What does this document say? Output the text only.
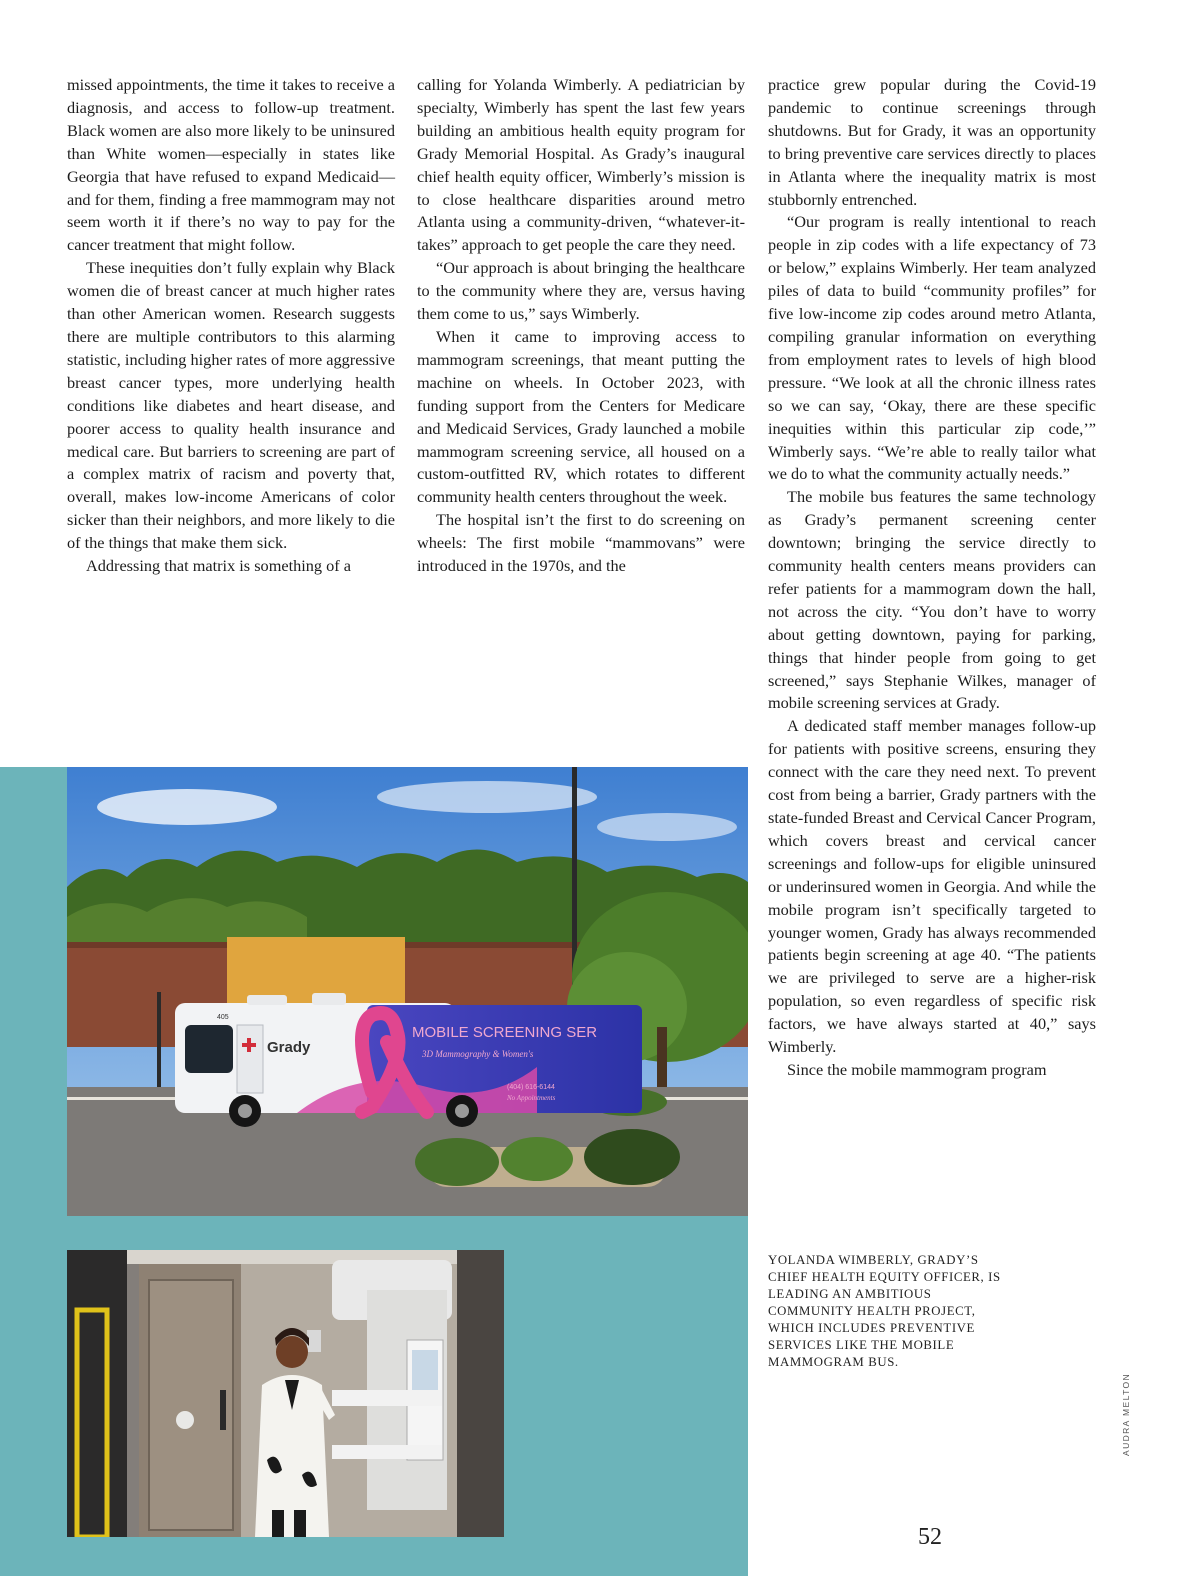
missed appointments, the time it takes to receive a diagnosis, and access to follow-up treatment. Black women are also more likely to be uninsured than White women—especially in states like Georgia that have refused to expand Medicaid—and for them, finding a free mammogram may not seem worth it if there’s no way to pay for the cancer treatment that might follow.

These inequities don’t fully explain why Black women die of breast cancer at much higher rates than other American women. Research suggests there are multiple contributors to this alarming statistic, including higher rates of more aggressive breast cancer types, more underlying health conditions like diabetes and heart disease, and poorer access to quality health insurance and medical care. But barriers to screening are part of a complex matrix of racism and poverty that, overall, makes low-income Americans of color sicker than their neighbors, and more likely to die of the things that make them sick.

Addressing that matrix is something of a

calling for Yolanda Wimberly. A pediatrician by specialty, Wimberly has spent the last few years building an ambitious health equity program for Grady Memorial Hospital. As Grady’s inaugural chief health equity officer, Wimberly’s mission is to close healthcare disparities around metro Atlanta using a community-driven, “whatever-it-takes” approach to get people the care they need.

“Our approach is about bringing the healthcare to the community where they are, versus having them come to us,” says Wimberly.

When it came to improving access to mammogram screenings, that meant putting the machine on wheels. In October 2023, with funding support from the Centers for Medicare and Medicaid Services, Grady launched a mobile mammogram screening service, all housed on a custom-outfitted RV, which rotates to different community health centers throughout the week.

The hospital isn’t the first to do screening on wheels: The first mobile “mammovans” were introduced in the 1970s, and the

practice grew popular during the Covid-19 pandemic to continue screenings through shutdowns. But for Grady, it was an opportunity to bring preventive care services directly to places in Atlanta where the inequality matrix is most stubbornly entrenched.

“Our program is really intentional to reach people in zip codes with a life expectancy of 73 or below,” explains Wimberly. Her team analyzed piles of data to build “community profiles” for five low-income zip codes around metro Atlanta, compiling granular information on everything from employment rates to levels of high blood pressure. “We look at all the chronic illness rates so we can say, ‘Okay, there are these specific inequities within this particular zip code,’” Wimberly says. “We’re able to really tailor what we do to what the community actually needs.”

The mobile bus features the same technology as Grady’s permanent screening center downtown; bringing the service directly to community health centers means providers can refer patients for a mammogram down the hall, not across the city. “You don’t have to worry about getting downtown, paying for parking, things that hinder people from going to get screened,” says Stephanie Wilkes, manager of mobile screening services at Grady.

A dedicated staff member manages follow-up for patients with positive screens, ensuring they connect with the care they need next. To prevent cost from being a barrier, Grady partners with the state-funded Breast and Cervical Cancer Program, which covers breast and cervical cancer screenings and follow-ups for eligible uninsured or underinsured women in Georgia. And while the mobile program isn’t specifically targeted to younger women, Grady has always recommended patients begin screening at age 40. “The patients we are privileged to serve are a higher-risk population, so even regardless of specific risk factors, we have always started at 40,” says Wimberly.

Since the mobile mammogram program

Grady
405
MOBILE SCREENING SER
3D Mammography & Women's
(404) 616-6144
No Appointments
YOLANDA WIMBERLY, GRADY’S CHIEF HEALTH EQUITY OFFICER, IS LEADING AN AMBITIOUS COMMUNITY HEALTH PROJECT, WHICH INCLUDES PREVENTIVE SERVICES LIKE THE MOBILE MAMMOGRAM BUS.
AUDRA MELTON
52
